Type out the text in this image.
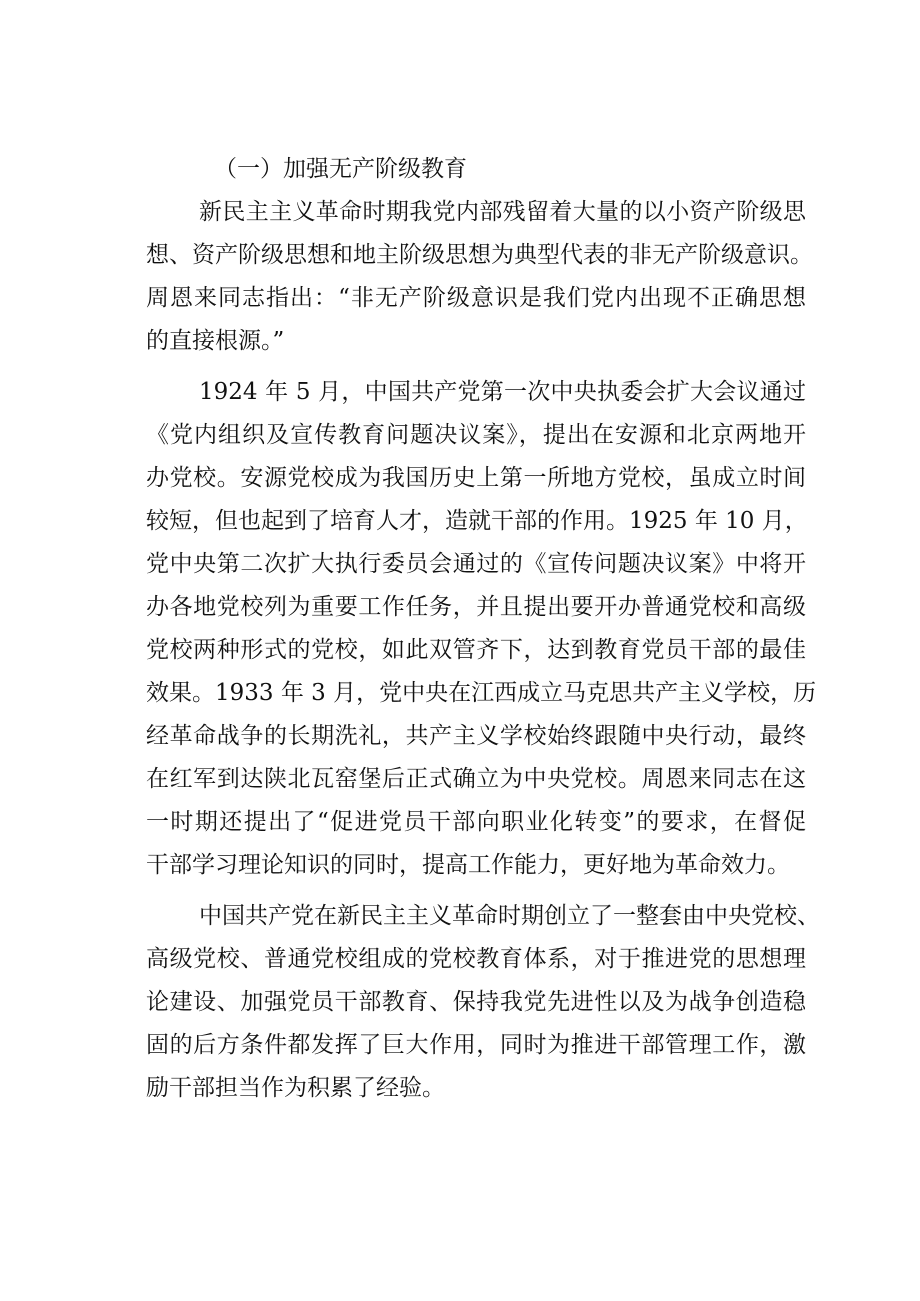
（一）加强无产阶级教育
新民主主义革命时期我党内部残留着大量的以小资产阶级思
想、资产阶级思想和地主阶级思想为典型代表的非无产阶级意识。
周恩来同志指出：“非无产阶级意识是我们党内出现不正确思想
的直接根源。”
1924 年 5 月，中国共产党第一次中央执委会扩大会议通过
《党内组织及宣传教育问题决议案》，提出在安源和北京两地开
办党校。安源党校成为我国历史上第一所地方党校，虽成立时间
较短，但也起到了培育人才，造就干部的作用。1925 年 10 月，
党中央第二次扩大执行委员会通过的《宣传问题决议案》中将开
办各地党校列为重要工作任务，并且提出要开办普通党校和高级
党校两种形式的党校，如此双管齐下，达到教育党员干部的最佳
效果。1933 年 3 月，党中央在江西成立马克思共产主义学校，历
经革命战争的长期洗礼，共产主义学校始终跟随中央行动，最终
在红军到达陕北瓦窑堡后正式确立为中央党校。周恩来同志在这
一时期还提出了“促进党员干部向职业化转变”的要求，在督促
干部学习理论知识的同时，提高工作能力，更好地为革命效力。
中国共产党在新民主主义革命时期创立了一整套由中央党校、
高级党校、普通党校组成的党校教育体系，对于推进党的思想理
论建设、加强党员干部教育、保持我党先进性以及为战争创造稳
固的后方条件都发挥了巨大作用，同时为推进干部管理工作，激
励干部担当作为积累了经验。
